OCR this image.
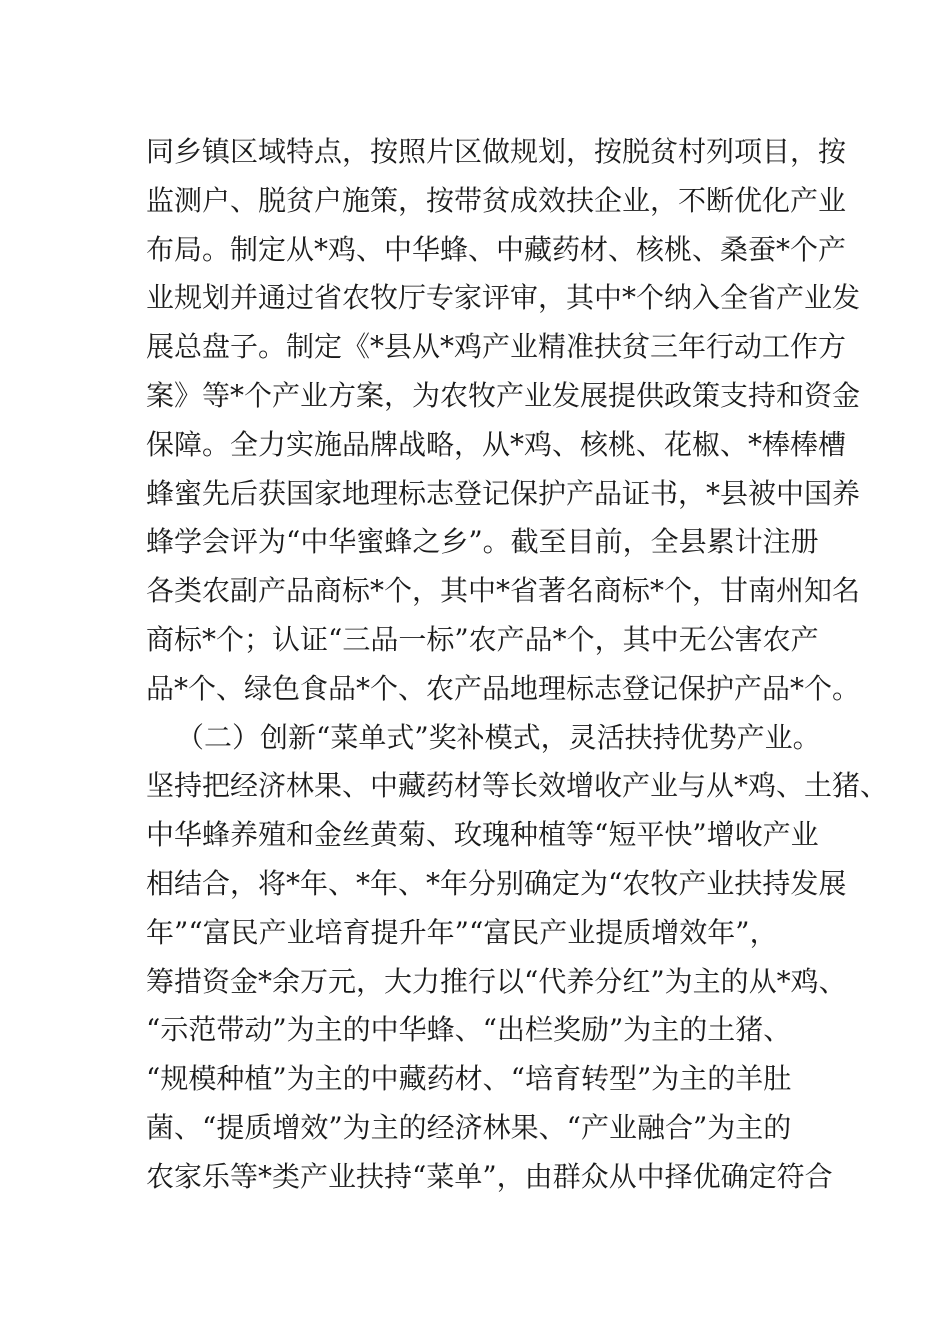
同乡镇区域特点，按照片区做规划，按脱贫村列项目，按
监测户、脱贫户施策，按带贫成效扶企业，不断优化产业
布局。制定从*鸡、中华蜂、中藏药材、核桃、桑蚕*个产
业规划并通过省农牧厅专家评审，其中*个纳入全省产业发
展总盘子。制定《*县从*鸡产业精准扶贫三年行动工作方
案》等*个产业方案，为农牧产业发展提供政策支持和资金
保障。全力实施品牌战略，从*鸡、核桃、花椒、*棒棒槽
蜂蜜先后获国家地理标志登记保护产品证书，*县被中国养
蜂学会评为“中华蜜蜂之乡”。截至目前，全县累计注册
各类农副产品商标*个，其中*省著名商标*个，甘南州知名
商标*个；认证“三品一标”农产品*个，其中无公害农产
品*个、绿色食品*个、农产品地理标志登记保护产品*个。
（二）创新“菜单式”奖补模式，灵活扶持优势产业。
坚持把经济林果、中藏药材等长效增收产业与从*鸡、土猪、
中华蜂养殖和金丝黄菊、玫瑰种植等“短平快”增收产业
相结合，将*年、*年、*年分别确定为“农牧产业扶持发展
年”“富民产业培育提升年”“富民产业提质增效年”，
筹措资金*余万元，大力推行以“代养分红”为主的从*鸡、
“示范带动”为主的中华蜂、“出栏奖励”为主的土猪、
“规模种植”为主的中藏药材、“培育转型”为主的羊肚
菌、“提质增效”为主的经济林果、“产业融合”为主的
农家乐等*类产业扶持“菜单”，由群众从中择优确定符合
